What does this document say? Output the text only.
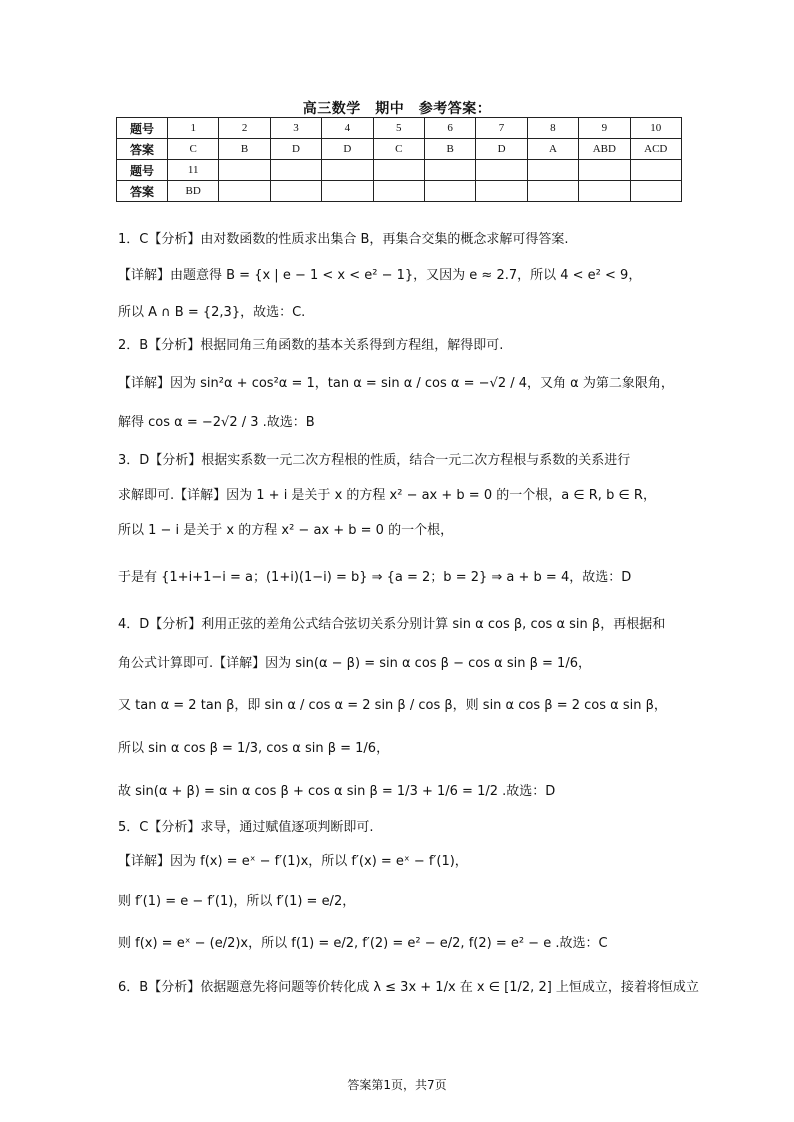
高三数学　期中　参考答案：
题号	1	2	3	4	5	6	7	8	9	10
答案	C	B	D	D	C	B	D	A	ABD	ACD
题号	11									
答案	BD									
1．C【分析】由对数函数的性质求出集合 B，再集合交集的概念求解可得答案.
【详解】由题意得 B = {x | e − 1 < x < e² − 1}，又因为 e ≈ 2.7，所以 4 < e² < 9，
所以 A ∩ B = {2,3}，故选：C.
2．B【分析】根据同角三角函数的基本关系得到方程组，解得即可.
【详解】因为 sin²α + cos²α = 1，tan α = sin α / cos α = −√2 / 4，又角 α 为第二象限角，
解得 cos α = −2√2 / 3 .故选：B
3．D【分析】根据实系数一元二次方程根的性质，结合一元二次方程根与系数的关系进行
求解即可.【详解】因为 1 + i 是关于 x 的方程 x² − ax + b = 0 的一个根，a ∈ R, b ∈ R，
所以 1 − i 是关于 x 的方程 x² − ax + b = 0 的一个根，
于是有 {1+i+1−i = a；(1+i)(1−i) = b} ⇒ {a = 2；b = 2} ⇒ a + b = 4，故选：D
4．D【分析】利用正弦的差角公式结合弦切关系分别计算 sin α cos β, cos α sin β，再根据和
角公式计算即可.【详解】因为 sin(α − β) = sin α cos β − cos α sin β = 1/6，
又 tan α = 2 tan β，即 sin α / cos α = 2 sin β / cos β，则 sin α cos β = 2 cos α sin β，
所以 sin α cos β = 1/3, cos α sin β = 1/6，
故 sin(α + β) = sin α cos β + cos α sin β = 1/3 + 1/6 = 1/2 .故选：D
5．C【分析】求导，通过赋值逐项判断即可.
【详解】因为 f(x) = eˣ − f′(1)x，所以 f′(x) = eˣ − f′(1)，
则 f′(1) = e − f′(1)，所以 f′(1) = e/2，
则 f(x) = eˣ − (e/2)x，所以 f(1) = e/2, f′(2) = e² − e/2, f(2) = e² − e .故选：C
6．B【分析】依据题意先将问题等价转化成 λ ≤ 3x + 1/x 在 x ∈ [1/2, 2] 上恒成立，接着将恒成立
答案第1页，共7页
